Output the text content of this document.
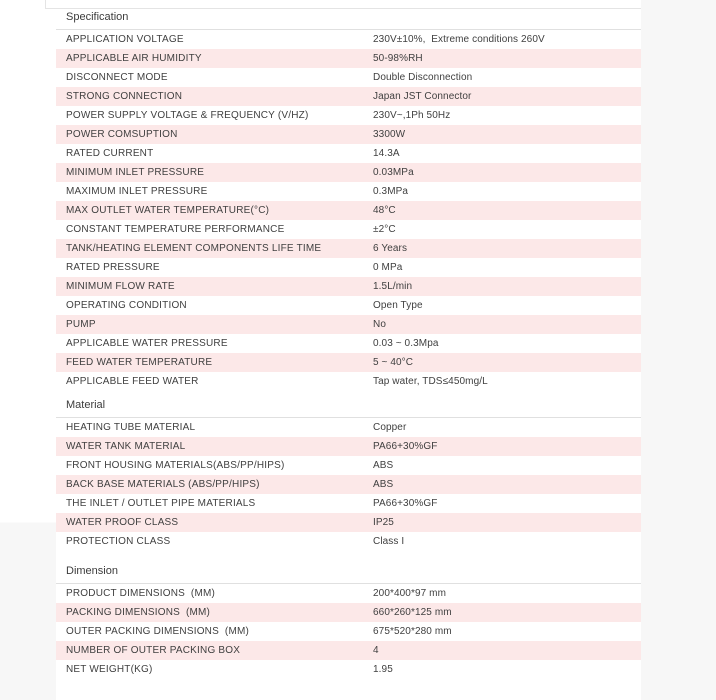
Specification
APPLICATION VOLTAGE	230V±10%,  Extreme conditions 260V
APPLICABLE AIR HUMIDITY	50-98%RH
DISCONNECT MODE	Double Disconnection
STRONG CONNECTION	Japan JST Connector
POWER SUPPLY VOLTAGE & FREQUENCY (V/HZ)	230V~,1Ph 50Hz
POWER COMSUPTION	3300W
RATED CURRENT	14.3A
MINIMUM INLET PRESSURE	0.03MPa
MAXIMUM INLET PRESSURE	0.3MPa
MAX OUTLET WATER TEMPERATURE(°C)	48°C
CONSTANT TEMPERATURE PERFORMANCE	±2°C
TANK/HEATING ELEMENT COMPONENTS LIFE TIME	6 Years
RATED PRESSURE	0 MPa
MINIMUM FLOW RATE	1.5L/min
OPERATING CONDITION	Open Type
PUMP	No
APPLICABLE WATER PRESSURE	0.03 ~ 0.3Mpa
FEED WATER TEMPERATURE	5 ~ 40°C
APPLICABLE FEED WATER	Tap water, TDS≤450mg/L
Material
HEATING TUBE MATERIAL	Copper
WATER TANK MATERIAL	PA66+30%GF
FRONT HOUSING MATERIALS(ABS/PP/HIPS)	ABS
BACK BASE MATERIALS (ABS/PP/HIPS)	ABS
THE INLET / OUTLET PIPE MATERIALS	PA66+30%GF
WATER PROOF CLASS	IP25
PROTECTION CLASS	Class I
Dimension
PRODUCT DIMENSIONS  (MM)	200*400*97 mm
PACKING DIMENSIONS  (MM)	660*260*125 mm
OUTER PACKING DIMENSIONS  (MM)	675*520*280 mm
NUMBER OF OUTER PACKING BOX	4
NET WEIGHT(KG)	1.95
